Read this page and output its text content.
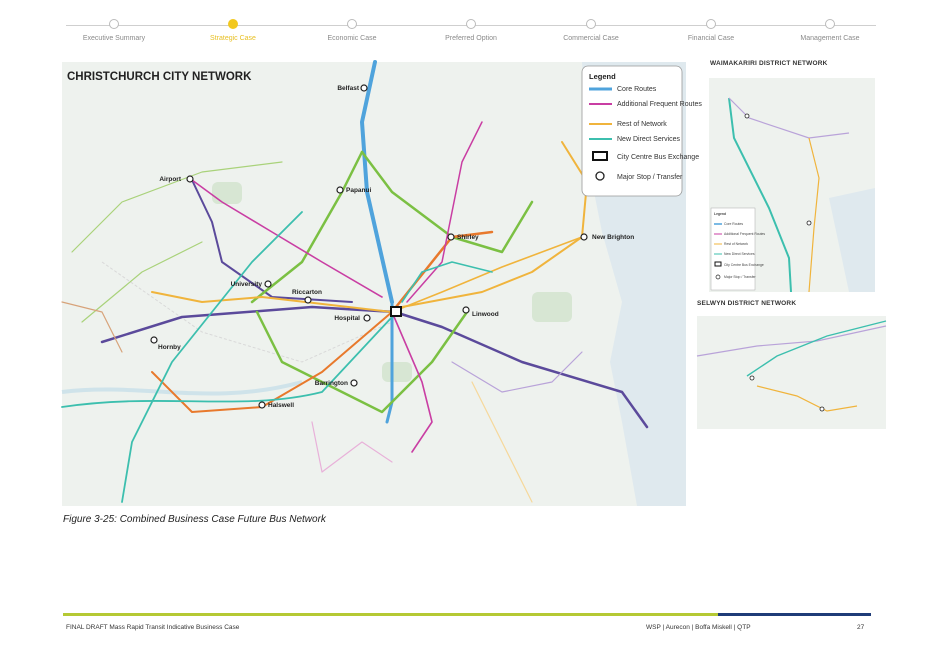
Executive Summary	Strategic Case	Economic Case	Preferred Option	Commercial Case	Financial Case	Management Case
Belfast
Airport
Papanui
Shirley	New Brighton
University
Riccarton
Hospital
Linwood
Hornby
Barrington
Halswell
CHRISTCHURCH CITY NETWORK	Legend
Core Routes
Additional Frequent Routes
Rest of Network
New Direct Services
City Centre Bus Exchange
Major Stop / Transfer
WAIMAKARIRI DISTRICT NETWORK
Legend
Core Routes
Additional Frequent Routes
Rest of Network
New Direct Services
City Centre Bus Exchange
Major Stop / Transfer
SELWYN DISTRICT NETWORK
Figure 3-25: Combined Business Case Future Bus Network
FINAL DRAFT Mass Rapid Transit Indicative Business Case	WSP | Aurecon | Boffa Miskell | QTP	27
